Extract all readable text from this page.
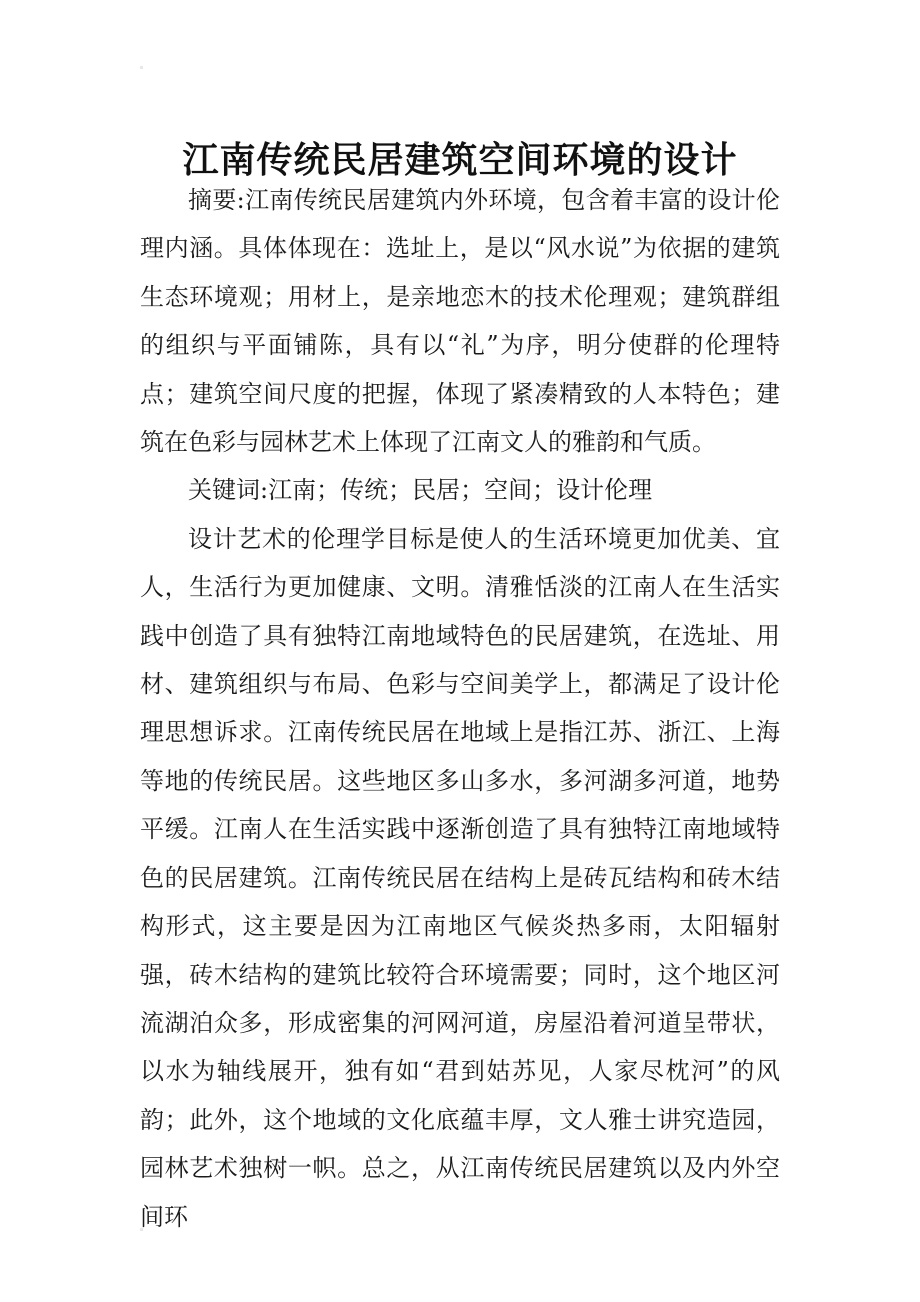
江南传统民居建筑空间环境的设计

摘要:江南传统民居建筑内外环境，包含着丰富的设计伦理内涵。具体体现在：选址上，是以“风水说”为依据的建筑生态环境观；用材上，是亲地恋木的技术伦理观；建筑群组的组织与平面铺陈，具有以“礼”为序，明分使群的伦理特点；建筑空间尺度的把握，体现了紧凑精致的人本特色；建筑在色彩与园林艺术上体现了江南文人的雅韵和气质。

关键词:江南；传统；民居；空间；设计伦理

设计艺术的伦理学目标是使人的生活环境更加优美、宜人，生活行为更加健康、文明。清雅恬淡的江南人在生活实践中创造了具有独特江南地域特色的民居建筑，在选址、用材、建筑组织与布局、色彩与空间美学上，都满足了设计伦理思想诉求。江南传统民居在地域上是指江苏、浙江、上海等地的传统民居。这些地区多山多水，多河湖多河道，地势平缓。江南人在生活实践中逐渐创造了具有独特江南地域特色的民居建筑。江南传统民居在结构上是砖瓦结构和砖木结构形式，这主要是因为江南地区气候炎热多雨，太阳辐射强，砖木结构的建筑比较符合环境需要；同时，这个地区河流湖泊众多，形成密集的河网河道，房屋沿着河道呈带状，以水为轴线展开，独有如“君到姑苏见，人家尽枕河”的风韵；此外，这个地域的文化底蕴丰厚，文人雅士讲究造园，园林艺术独树一帜。总之，从江南传统民居建筑以及内外空间环
